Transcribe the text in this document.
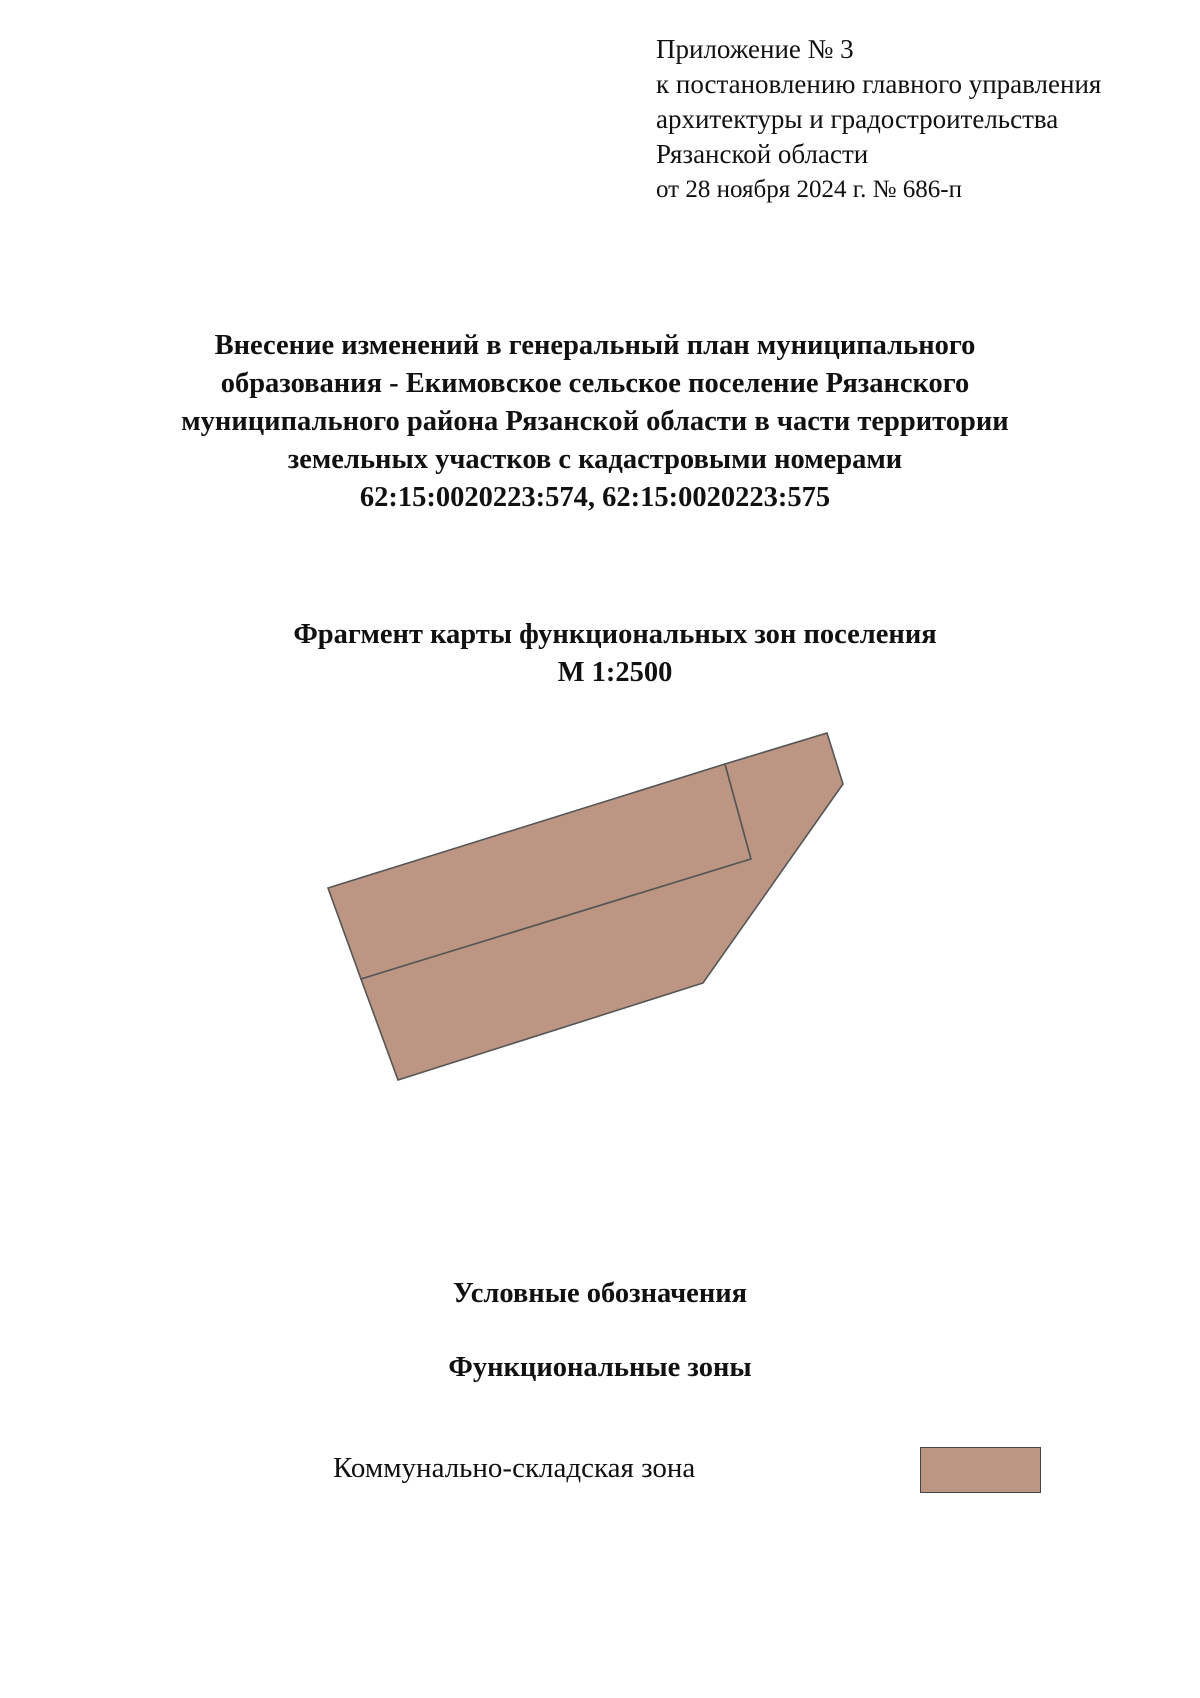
Приложение № 3
к постановлению главного управления
архитектуры и градостроительства
Рязанской области
от 28 ноября 2024 г. № 686-п
Внесение изменений в генеральный план муниципального
образования - Екимовское сельское поселение Рязанского
муниципального района Рязанской области в части территории
земельных участков с кадастровыми номерами
62:15:0020223:574, 62:15:0020223:575
Фрагмент карты функциональных зон поселения
М 1:2500
Условные обозначения
Функциональные зоны
Коммунально-складская зона
